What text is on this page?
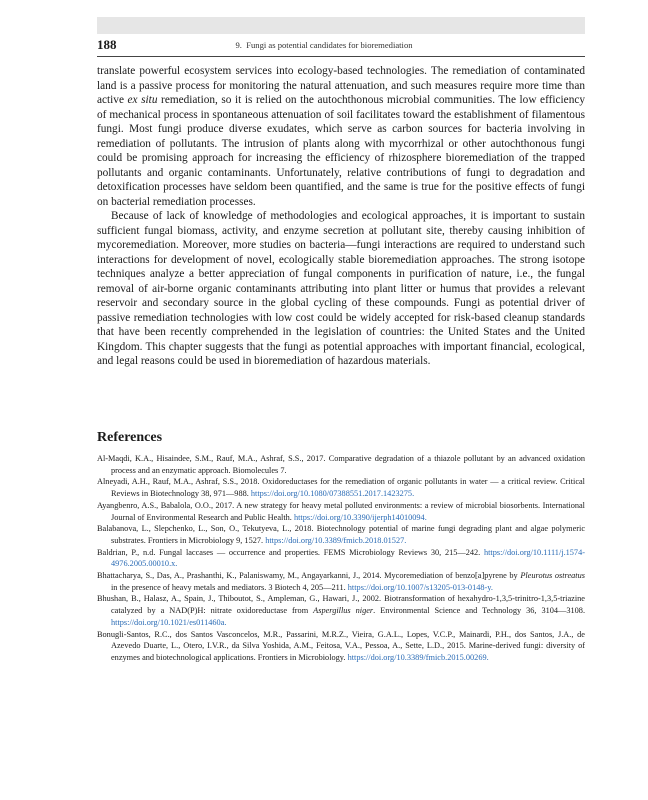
188	9.  Fungi as potential candidates for bioremediation

translate powerful ecosystem services into ecology-based technologies. The remediation of contaminated land is a passive process for monitoring the natural attenuation, and such measures require more time than active ex situ remediation, so it is relied on the autochthonous microbial communities. The low efficiency of mechanical process in spontaneous attenuation of soil facilitates toward the establishment of filamentous fungi. Most fungi produce diverse exudates, which serve as carbon sources for bacteria involving in remediation of pollutants. The intrusion of plants along with mycorrhizal or other autochthonous fungi could be promising approach for increasing the efficiency of rhizosphere bioremediation of the trapped pollutants and organic contaminants. Unfortunately, relative contributions of fungi to degradation and detoxification processes have seldom been quantified, and the same is true for the positive effects of fungi on bacterial remediation processes.

Because of lack of knowledge of methodologies and ecological approaches, it is important to sustain sufficient fungal biomass, activity, and enzyme secretion at pollutant site, thereby causing inhibition of mycoremediation. Moreover, more studies on bacteria—fungi interactions are required to understand such interactions for development of novel, ecologically stable bioremediation approaches. The strong isotope techniques analyze a better appreciation of fungal components in purification of nature, i.e., the fungal removal of air-borne organic contaminants attributing into plant litter or humus that provides a relevant reservoir and secondary source in the global cycling of these compounds. Fungi as potential driver of passive remediation technologies with low cost could be widely accepted for risk-based cleanup standards that have been recently comprehended in the legislation of countries: the United States and the United Kingdom. This chapter suggests that the fungi as potential approaches with important financial, ecological, and legal reasons could be used in bioremediation of hazardous materials.

References

Al-Maqdi, K.A., Hisaindee, S.M., Rauf, M.A., Ashraf, S.S., 2017. Comparative degradation of a thiazole pollutant by an advanced oxidation process and an enzymatic approach. Biomolecules 7.

Alneyadi, A.H., Rauf, M.A., Ashraf, S.S., 2018. Oxidoreductases for the remediation of organic pollutants in water — a critical review. Critical Reviews in Biotechnology 38, 971—988. https://doi.org/10.1080/07388551.2017.1423275.

Ayangbenro, A.S., Babalola, O.O., 2017. A new strategy for heavy metal polluted environments: a review of microbial biosorbents. International Journal of Environmental Research and Public Health. https://doi.org/10.3390/ijerph14010094.

Balabanova, L., Slepchenko, L., Son, O., Tekutyeva, L., 2018. Biotechnology potential of marine fungi degrading plant and algae polymeric substrates. Frontiers in Microbiology 9, 1527. https://doi.org/10.3389/fmicb.2018.01527.

Baldrian, P., n.d. Fungal laccases — occurrence and properties. FEMS Microbiology Reviews 30, 215—242. https://doi.org/10.1111/j.1574-4976.2005.00010.x.

Bhattacharya, S., Das, A., Prashanthi, K., Palaniswamy, M., Angayarkanni, J., 2014. Mycoremediation of benzo[a]pyrene by Pleurotus ostreatus in the presence of heavy metals and mediators. 3 Biotech 4, 205—211. https://doi.org/10.1007/s13205-013-0148-y.

Bhushan, B., Halasz, A., Spain, J., Thiboutot, S., Ampleman, G., Hawari, J., 2002. Biotransformation of hexahydro-1,3,5-trinitro-1,3,5-triazine catalyzed by a NAD(P)H: nitrate oxidoreductase from Aspergillus niger. Environmental Science and Technology 36, 3104—3108. https://doi.org/10.1021/es011460a.

Bonugli-Santos, R.C., dos Santos Vasconcelos, M.R., Passarini, M.R.Z., Vieira, G.A.L., Lopes, V.C.P., Mainardi, P.H., dos Santos, J.A., de Azevedo Duarte, L., Otero, I.V.R., da Silva Yoshida, A.M., Feitosa, V.A., Pessoa, A., Sette, L.D., 2015. Marine-derived fungi: diversity of enzymes and biotechnological applications. Frontiers in Microbiology. https://doi.org/10.3389/fmicb.2015.00269.
